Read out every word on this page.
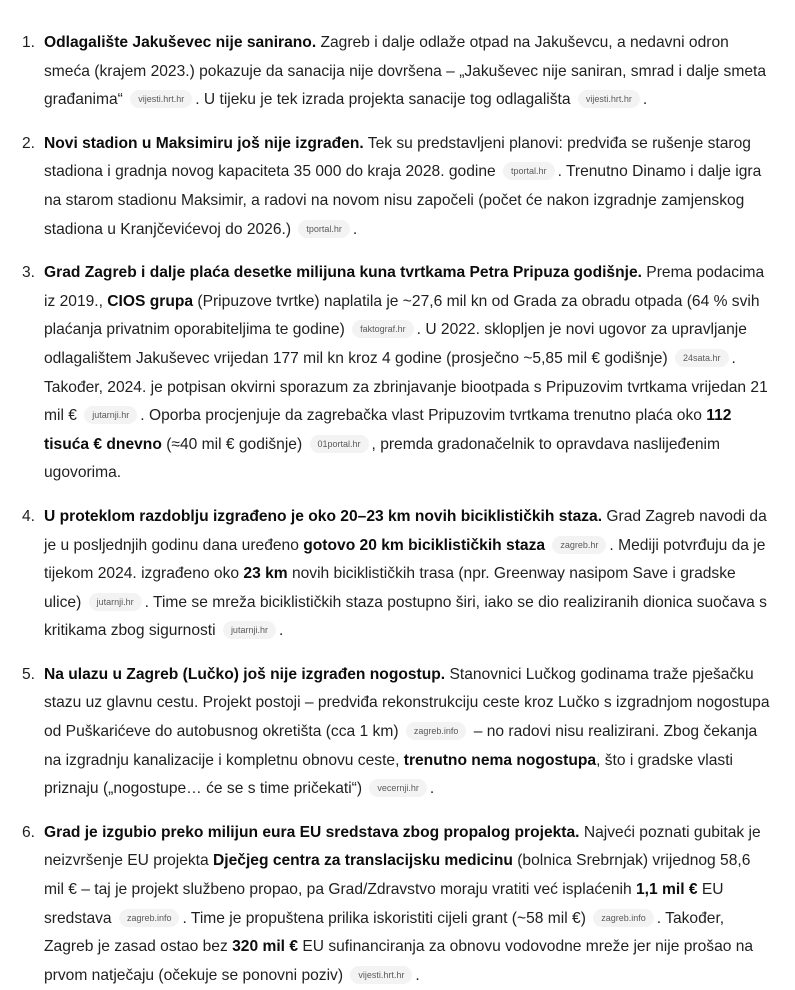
1. Odlagalište Jakuševec nije sanirano. Zagreb i dalje odlaže otpad na Jakuševcu, a nedavni odron smeća (krajem 2023.) pokazuje da sanacija nije dovršena – „Jakuševec nije saniran, smrad i dalje smeta građanima“ vijesti.hrt.hr . U tijeku je tek izrada projekta sanacije tog odlagališta vijesti.hrt.hr .
2. Novi stadion u Maksimiru još nije izgrađen. Tek su predstavljeni planovi: predviđa se rušenje starog stadiona i gradnja novog kapaciteta 35 000 do kraja 2028. godine tportal.hr . Trenutno Dinamo i dalje igra na starom stadionu Maksimir, a radovi na novom nisu započeli (počet će nakon izgradnje zamjenskog stadiona u Kranjčevićevoj do 2026.) tportal.hr .
3. Grad Zagreb i dalje plaća desetke milijuna kuna tvrtkama Petra Pripuza godišnje. Prema podacima iz 2019., CIOS grupa (Pripuzove tvrtke) naplatila je ~27,6 mil kn od Grada za obradu otpada (64 % svih plaćanja privatnim oporabiteljima te godine) faktograf.hr . U 2022. sklopljen je novi ugovor za upravljanje odlagalištem Jakuševec vrijedan 177 mil kn kroz 4 godine (prosječno ~5,85 mil € godišnje) 24sata.hr . Također, 2024. je potpisan okvirni sporazum za zbrinjavanje biootpada s Pripuzovim tvrtkama vrijedan 21 mil € jutarnji.hr . Oporba procjenjuje da zagrebačka vlast Pripuzovim tvrtkama trenutno plaća oko 112 tisuća € dnevno (≈40 mil € godišnje) 01portal.hr , premda gradonačelnik to opravdava naslijeđenim ugovorima.
4. U proteklom razdoblju izgrađeno je oko 20–23 km novih biciklističkih staza. Grad Zagreb navodi da je u posljednjih godinu dana uređeno gotovo 20 km biciklističkih staza zagreb.hr . Mediji potvrđuju da je tijekom 2024. izgrađeno oko 23 km novih biciklističkih trasa (npr. Greenway nasipom Save i gradske ulice) jutarnji.hr . Time se mreža biciklističkih staza postupno širi, iako se dio realiziranih dionica suočava s kritikama zbog sigurnosti jutarnji.hr .
5. Na ulazu u Zagreb (Lučko) još nije izgrađen nogostup. Stanovnici Lučkog godinama traže pješačku stazu uz glavnu cestu. Projekt postoji – predviđa rekonstrukciju ceste kroz Lučko s izgradnjom nogostupa od Puškarićeve do autobusnog okretišta (cca 1 km) zagreb.info – no radovi nisu realizirani. Zbog čekanja na izgradnju kanalizacije i kompletnu obnovu ceste, trenutno nema nogostupa, što i gradske vlasti priznaju („nogostupe… će se s time pričekati“) vecernji.hr .
6. Grad je izgubio preko milijun eura EU sredstava zbog propalog projekta. Najveći poznati gubitak je neizvršenje EU projekta Dječjeg centra za translacijsku medicinu (bolnica Srebrnjak) vrijednog 58,6 mil € – taj je projekt službeno propao, pa Grad/Zdravstvo moraju vratiti već isplaćenih 1,1 mil € EU sredstava zagreb.info . Time je propuštena prilika iskoristiti cijeli grant (~58 mil €) zagreb.info . Također, Zagreb je zasad ostao bez 320 mil € EU sufinanciranja za obnovu vodovodne mreže jer nije prošao na prvom natječaju (očekuje se ponovni poziv) vijesti.hrt.hr .
